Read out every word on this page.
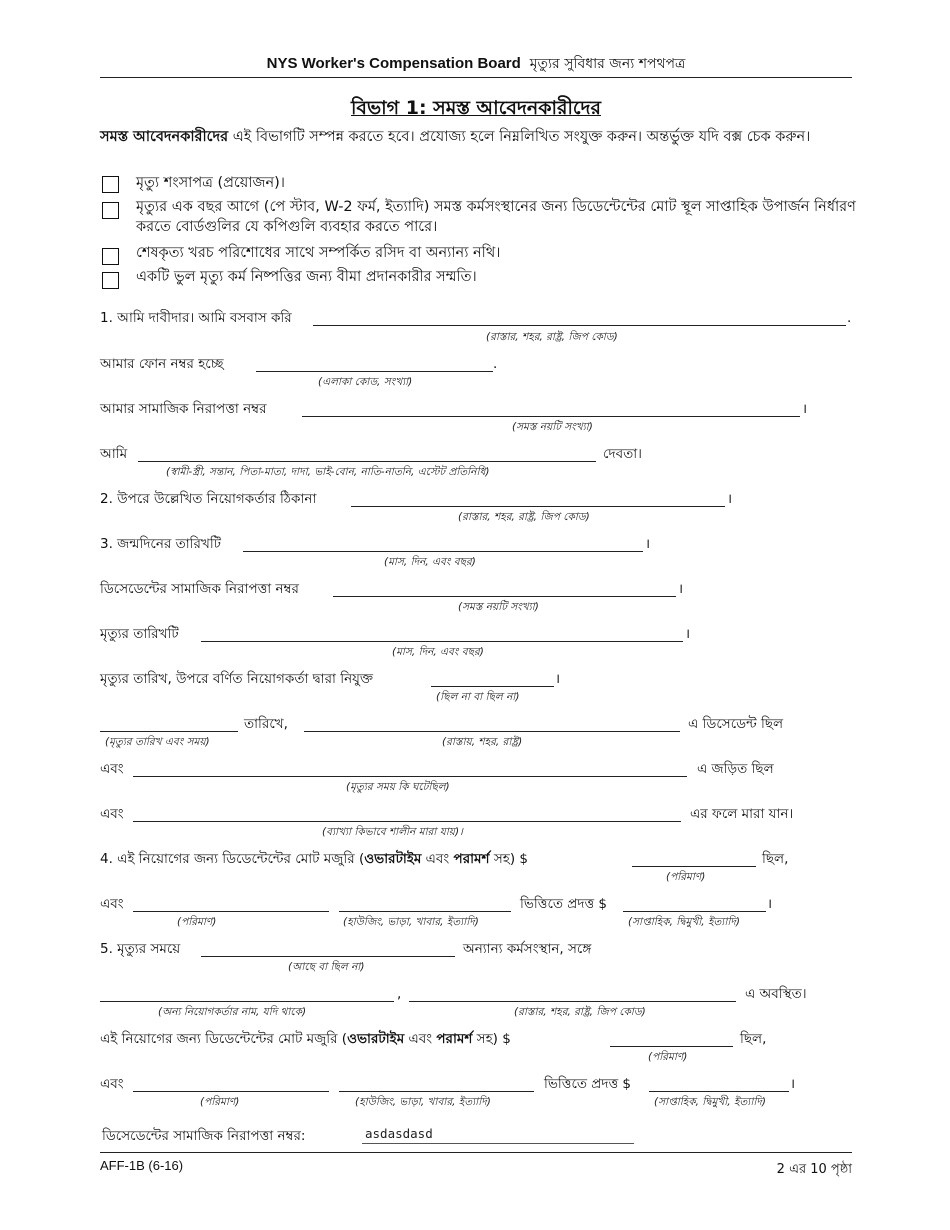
NYS Worker's Compensation Board মৃত্যুর সুবিধার জন্য শপথপত্র
বিভাগ 1: সমস্ত আবেদনকারীদের
সমস্ত আবেদনকারীদের এই বিভাগটি সম্পন্ন করতে হবে। প্রযোজ্য হলে নিম্নলিখিত সংযুক্ত করুন। অন্তর্ভুক্ত যদি বক্স চেক করুন।
মৃত্যু শংসাপত্র (প্রয়োজন)।
মৃত্যুর এক বছর আগে (পে স্টাব, W-2 ফর্ম, ইত্যাদি) সমস্ত কর্মসংস্থানের জন্য ডিডেন্টেন্টের মোট স্থূল সাপ্তাহিক উপার্জন নির্ধারণ করতে বোর্ডগুলির যে কপিগুলি ব্যবহার করতে পারে।
শেষকৃত্য খরচ পরিশোধের সাথে সম্পর্কিত রসিদ বা অন্যান্য নথি।
একটি ভুল মৃত্যু কর্ম নিষ্পত্তির জন্য বীমা প্রদানকারীর সম্মতি।
1. আমি দাবীদার। আমি বসবাস করি	.
(রাস্তার, শহর, রাষ্ট্র, জিপ কোড)
আমার ফোন নম্বর হচ্ছে	.
(এলাকা কোড, সংখ্যা)
আমার সামাজিক নিরাপত্তা নম্বর	।
(সমস্ত নয়টি সংখ্যা)
আমি	দেবতা।
(স্বামী-স্ত্রী, সন্তান, পিতা-মাতা, দাদা, ভাই-বোন, নাতি-নাতনি, এস্টেট প্রতিনিধি)
2. উপরে উল্লেখিত নিয়োগকর্তার ঠিকানা	।
(রাস্তার, শহর, রাষ্ট্র, জিপ কোড)
3. জন্মদিনের তারিখটি	।
(মাস, দিন, এবং বছর)
ডিসেডেন্টের সামাজিক নিরাপত্তা নম্বর	।
(সমস্ত নয়টি সংখ্যা)
মৃত্যুর তারিখটি	।
(মাস, দিন, এবং বছর)
মৃত্যুর তারিখ, উপরে বর্ণিত নিয়োগকর্তা দ্বারা নিযুক্ত	।
(ছিল না বা ছিল না)
তারিখে,	এ ডিসেডেন্ট ছিল
(মৃত্যুর তারিখ এবং সময়)	(রাস্তায়, শহর, রাষ্ট্র)
এবং	এ জড়িত ছিল
(মৃত্যুর সময় কি ঘটেছিল)
এবং	এর ফলে মারা যান।
(ব্যাখ্যা কিভাবে শালীন মারা যায়)।
4. এই নিয়োগের জন্য ডিডেন্টেন্টের মোট মজুরি (ওভারটাইম এবং পরামর্শ সহ) $	ছিল,
(পরিমাণ)
এবং	ভিত্তিতে প্রদত্ত $	।
(পরিমাণ)	(হাউজিং, ভাড়া, খাবার, ইত্যাদি)	(সাপ্তাহিক, দ্বিমুখী, ইত্যাদি)
5. মৃত্যুর সময়ে	অন্যান্য কর্মসংস্থান, সঙ্গে
(আছে বা ছিল না)
,	এ অবস্থিত।
(অন্য নিয়োগকর্তার নাম, যদি থাকে)	(রাস্তার, শহর, রাষ্ট্র, জিপ কোড)
এই নিয়োগের জন্য ডিডেন্টেন্টের মোট মজুরি (ওভারটাইম এবং পরামর্শ সহ) $	ছিল,
(পরিমাণ)
এবং	ভিত্তিতে প্রদত্ত $	।
(পরিমাণ)	(হাউজিং, ভাড়া, খাবার, ইত্যাদি)	(সাপ্তাহিক, দ্বিমুখী, ইত্যাদি)
ডিসেডেন্টের সামাজিক নিরাপত্তা নম্বর:	asdasdasd
AFF-1B (6-16)	2 এর 10 পৃষ্ঠা
